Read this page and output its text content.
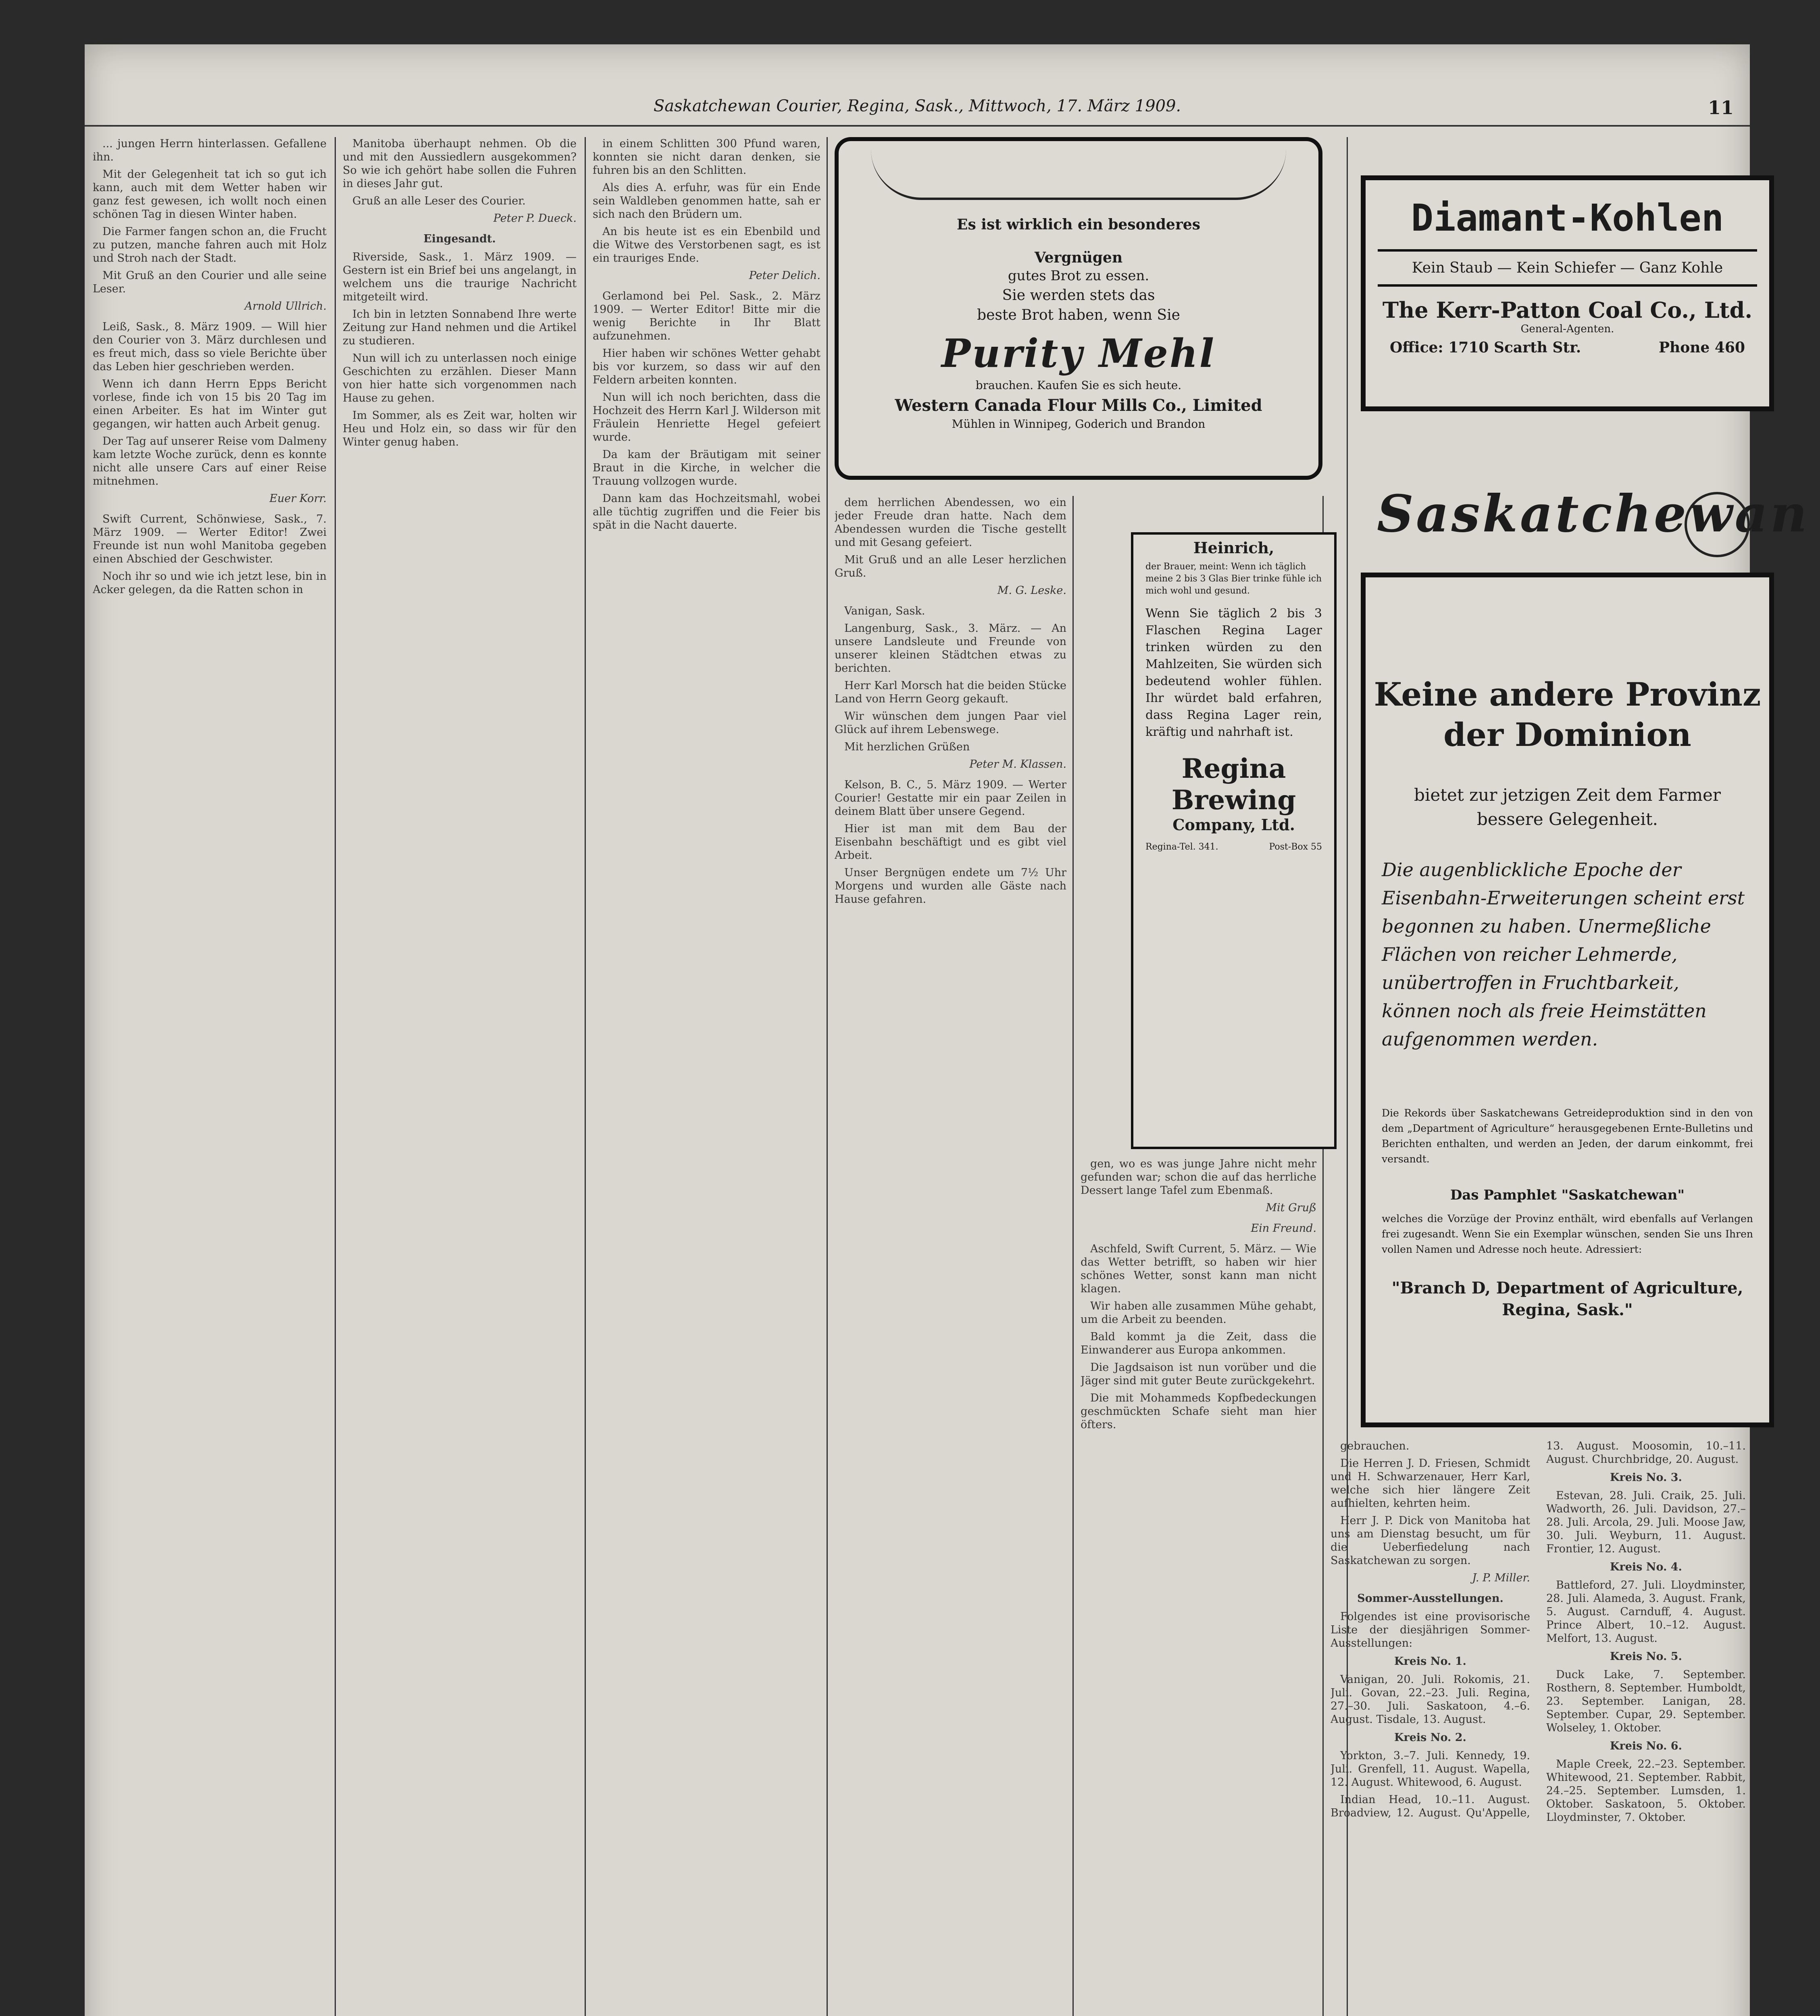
Saskatchewan Courier, Regina, Sask., Mittwoch, 17. März 1909.	11

... jungen Herrn hinterlassen. Gefallene ihn.

Mit der Gelegenheit tat ich so gut ich kann, auch mit dem Wetter haben wir ganz fest gewesen, ich wollt noch einen schönen Tag in diesen Winter haben.

Die Farmer fangen schon an, die Frucht zu putzen, manche fahren auch mit Holz und Stroh nach der Stadt.

Mit Gruß an den Courier und alle seine Leser.

Arnold Ullrich.

Leiß, Sask., 8. März 1909. — Will hier den Courier von 3. März durchlesen und es freut mich, dass so viele Berichte über das Leben hier geschrieben werden.

Wenn ich dann Herrn Epps Bericht vorlese, finde ich von 15 bis 20 Tag im einen Arbeiter. Es hat im Winter gut gegangen, wir hatten auch Arbeit genug.

Der Tag auf unserer Reise vom Dalmeny kam letzte Woche zurück, denn es konnte nicht alle unsere Cars auf einer Reise mitnehmen.

Euer Korr.

Swift Current, Schönwiese, Sask., 7. März 1909. — Werter Editor! Zwei Freunde ist nun wohl Manitoba gegeben einen Abschied der Geschwister.

Noch ihr so und wie ich jetzt lese, bin in Acker gelegen, da die Ratten schon in

Manitoba überhaupt nehmen. Ob die und mit den Aussiedlern ausgekommen? So wie ich gehört habe sollen die Fuhren in dieses Jahr gut.

Gruß an alle Leser des Courier.

Peter P. Dueck.
Eingesandt.

Riverside, Sask., 1. März 1909. — Gestern ist ein Brief bei uns angelangt, in welchem uns die traurige Nachricht mitgeteilt wird.

Ich bin in letzten Sonnabend Ihre werte Zeitung zur Hand nehmen und die Artikel zu studieren.

Nun will ich zu unterlassen noch einige Geschichten zu erzählen. Dieser Mann von hier hatte sich vorgenommen nach Hause zu gehen.

Im Sommer, als es Zeit war, holten wir Heu und Holz ein, so dass wir für den Winter genug haben.

in einem Schlitten 300 Pfund waren, konnten sie nicht daran denken, sie fuhren bis an den Schlitten.

Als dies A. erfuhr, was für ein Ende sein Waldleben genommen hatte, sah er sich nach den Brüdern um.

An bis heute ist es ein Ebenbild und die Witwe des Verstorbenen sagt, es ist ein trauriges Ende.

Peter Delich.

Gerlamond bei Pel. Sask., 2. März 1909. — Werter Editor! Bitte mir die wenig Berichte in Ihr Blatt aufzunehmen.

Hier haben wir schönes Wetter gehabt bis vor kurzem, so dass wir auf den Feldern arbeiten konnten.

Nun will ich noch berichten, dass die Hochzeit des Herrn Karl J. Wilderson mit Fräulein Henriette Hegel gefeiert wurde.

Da kam der Bräutigam mit seiner Braut in die Kirche, in welcher die Trauung vollzogen wurde.

Dann kam das Hochzeitsmahl, wobei alle tüchtig zugriffen und die Feier bis spät in die Nacht dauerte.

Es ist wirklich ein besonderes
Vergnügen
gutes Brot zu essen.
Sie werden stets das
beste Brot haben, wenn Sie
Purity Mehl
brauchen. Kaufen Sie es sich heute.
Western Canada Flour Mills Co., Limited
Mühlen in Winnipeg, Goderich und Brandon
Diamant-Kohlen
Kein Staub — Kein Schiefer — Ganz Kohle
The Kerr-Patton Coal Co., Ltd.
General-Agenten.
Office: 1710 Scarth Str.	Phone 460
Saskatchewan
Keine andere Provinz der Dominion
bietet zur jetzigen Zeit dem Farmer bessere Gelegenheit.
Die augenblickliche Epoche der Eisenbahn-Erweiterungen scheint erst begonnen zu haben. Unermeßliche Flächen von reicher Lehmerde, unübertroffen in Fruchtbarkeit, können noch als freie Heimstätten aufgenommen werden.
Die Rekords über Saskatchewans Getreideproduktion sind in den von dem „Department of Agriculture“ herausgegebenen Ernte-Bulletins und Berichten enthalten, und werden an Jeden, der darum einkommt, frei versandt.
Das Pamphlet "Saskatchewan"
welches die Vorzüge der Provinz enthält, wird ebenfalls auf Verlangen frei zugesandt. Wenn Sie ein Exemplar wünschen, senden Sie uns Ihren vollen Namen und Adresse noch heute. Adressiert:
"Branch D, Department of Agriculture, Regina, Sask."

dem herrlichen Abendessen, wo ein jeder Freude dran hatte. Nach dem Abendessen wurden die Tische gestellt und mit Gesang gefeiert.

Mit Gruß und an alle Leser herzlichen Gruß.

M. G. Leske.

Vanigan, Sask.

Langenburg, Sask., 3. März. — An unsere Landsleute und Freunde von unserer kleinen Städtchen etwas zu berichten.

Herr Karl Morsch hat die beiden Stücke Land von Herrn Georg gekauft.

Wir wünschen dem jungen Paar viel Glück auf ihrem Lebenswege.

Mit herzlichen Grüßen

Peter M. Klassen.

Kelson, B. C., 5. März 1909. — Werter Courier! Gestatte mir ein paar Zeilen in deinem Blatt über unsere Gegend.

Hier ist man mit dem Bau der Eisenbahn beschäftigt und es gibt viel Arbeit.

Unser Bergnügen endete um 7½ Uhr Morgens und wurden alle Gäste nach Hause gefahren.

Heinrich,
der Brauer, meint: Wenn ich täglich meine 2 bis 3 Glas Bier trinke fühle ich mich wohl und gesund.
Wenn Sie täglich 2 bis 3 Flaschen Regina Lager trinken würden zu den Mahlzeiten, Sie würden sich bedeutend wohler fühlen. Ihr würdet bald erfahren, dass Regina Lager rein, kräftig und nahrhaft ist.
Regina Brewing
Company, Ltd.
Regina-Tel. 341.	Post-Box 55

gen, wo es was junge Jahre nicht mehr gefunden war; schon die auf das herrliche Dessert lange Tafel zum Ebenmaß.

Mit Gruß
Ein Freund.

Aschfeld, Swift Current, 5. März. — Wie das Wetter betrifft, so haben wir hier schönes Wetter, sonst kann man nicht klagen.

Wir haben alle zusammen Mühe gehabt, um die Arbeit zu beenden.

Bald kommt ja die Zeit, dass die Einwanderer aus Europa ankommen.

Die Jagdsaison ist nun vorüber und die Jäger sind mit guter Beute zurückgekehrt.

Die mit Mohammeds Kopfbedeckungen geschmückten Schafe sieht man hier öfters.

gebrauchen.

Die Herren J. D. Friesen, Schmidt und H. Schwarzenauer, Herr Karl, welche sich hier längere Zeit aufhielten, kehrten heim.

Herr J. P. Dick von Manitoba hat uns am Dienstag besucht, um für die Ueberfiedelung nach Saskatchewan zu sorgen.

J. P. Miller.
Sommer-Ausstellungen.

Folgendes ist eine provisorische Liste der diesjährigen Sommer-Ausstellungen:

Kreis No. 1.

Vanigan, 20. Juli. Rokomis, 21. Juli. Govan, 22.–23. Juli. Regina, 27.–30. Juli. Saskatoon, 4.–6. August. Tisdale, 13. August.

Kreis No. 2.

Yorkton, 3.–7. Juli. Kennedy, 19. Juli. Grenfell, 11. August. Wapella, 12. August. Whitewood, 6. August.

Indian Head, 10.–11. August. Broadview, 12. August. Qu'Appelle, 13. August. Moosomin, 10.–11. August. Churchbridge, 20. August.

Kreis No. 3.

Estevan, 28. Juli. Craik, 25. Juli. Wadworth, 26. Juli. Davidson, 27.–28. Juli. Arcola, 29. Juli. Moose Jaw, 30. Juli. Weyburn, 11. August. Frontier, 12. August.

Kreis No. 4.

Battleford, 27. Juli. Lloydminster, 28. Juli. Alameda, 3. August. Frank, 5. August. Carnduff, 4. August. Prince Albert, 10.–12. August. Melfort, 13. August.

Kreis No. 5.

Duck Lake, 7. September. Rosthern, 8. September. Humboldt, 23. September. Lanigan, 28. September. Cupar, 29. September. Wolseley, 1. Oktober.

Kreis No. 6.

Maple Creek, 22.–23. September. Whitewood, 21. September. Rabbit, 24.–25. September. Lumsden, 1. Oktober. Saskatoon, 5. Oktober. Lloydminster, 7. Oktober.
